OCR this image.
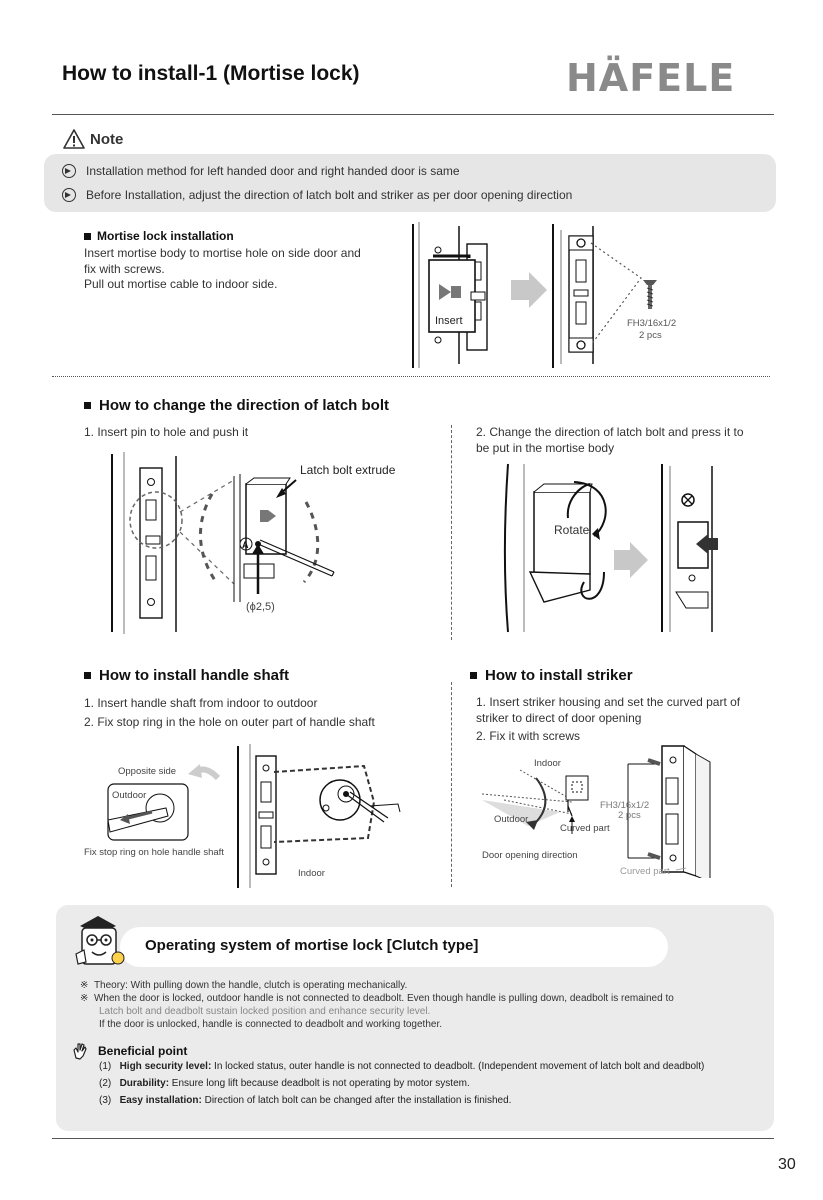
How to install-1 (Mortise lock)	HÄFELE
Note
Installation method for left handed door and right handed door is same
Before Installation, adjust the direction of latch bolt and striker as per door opening direction
Mortise lock installation
Insert mortise body to mortise hole on side door and
fix with screws.
Pull out mortise cable to indoor side.
Insert	FH3/16x1/2
2 pcs
How to change the direction of latch bolt
1. Insert pin to hole and push it	2. Change the direction of latch bolt and press it to
be put in the mortise body
A
Latch bolt extrude
(ϕ2,5)
Rotate
How to install handle shaft
1. Insert handle shaft from indoor to outdoor
2. Fix stop ring in the hole on outer part of handle shaft
Opposite side
Outdoor
Fix stop ring on hole handle shaft
Indoor
How to install striker
1. Insert striker housing and set the curved part of
striker to direct of door opening
2. Fix it with screws
Indoor
Outdoor
Curved part
Door opening direction
FH3/16x1/2
2 pcs
Curved part
Operating system of mortise lock [Clutch type]
※ Theory: With pulling down the handle, clutch is operating mechanically.
※ When the door is locked, outdoor handle is not connected to deadbolt. Even though handle is pulling down, deadbolt is remained to
Latch bolt and deadbolt sustain locked position and enhance security level.
If the door is unlocked, handle is connected to deadbolt and working together.
Beneficial point
(1) High security level: In locked status, outer handle is not connected to deadbolt. (Independent movement of latch bolt and deadbolt)
(2) Durability: Ensure long lift because deadbolt is not operating by motor system.
(3) Easy installation: Direction of latch bolt can be changed after the installation is finished.
30
